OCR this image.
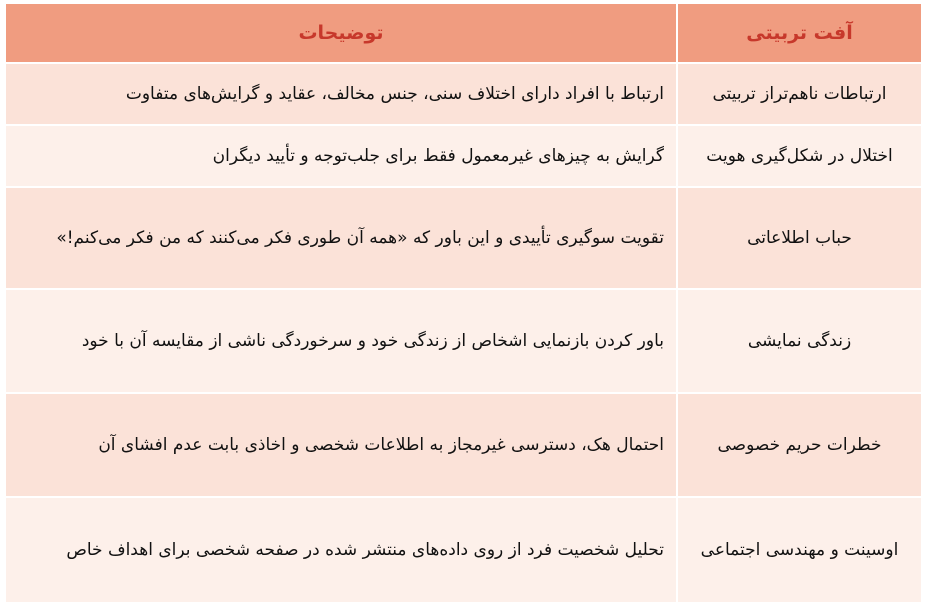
آفت تربیتی	توضیحات
ارتباطات ناهم‌تراز تربیتی	ارتباط با افراد دارای اختلاف سنی، جنس مخالف، عقاید و گرایش‌های متفاوت
اختلال در شکل‌گیری هویت	گرایش به چیزهای غیرمعمول فقط برای جلب‌توجه و تأیید دیگران
حباب اطلاعاتی	تقویت سوگیری تأییدی و این باور که «همه آن طوری فکر می‌کنند که من فکر می‌کنم!»
زندگی نمایشی	باور کردن بازنمایی اشخاص از زندگی خود و سرخوردگی ناشی از مقایسه آن با خود
خطرات حریم خصوصی	احتمال هک، دسترسی غیرمجاز به اطلاعات شخصی و اخاذی بابت عدم افشای آن
اوسینت و مهندسی اجتماعی	تحلیل شخصیت فرد از روی داده‌های منتشر شده در صفحه شخصی برای اهداف خاص
